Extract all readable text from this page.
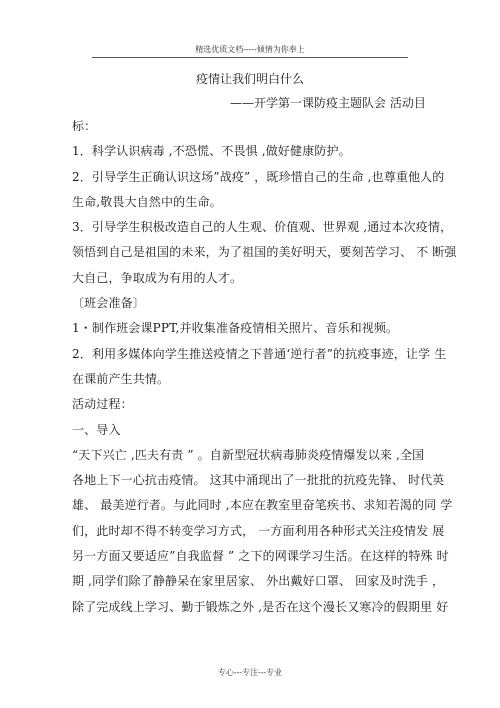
精选优质文档-----倾情为你奉上
疫情让我们明白什么
——开学第一课防疫主题队会 活动目
标：
1．科学认识病毒 ,不恐慌、不畏惧 ,做好健康防护。
2．引导学生正确认识这场”战疫” ，既珍惜自己的生命 ,也尊重他人的
生命,敬畏大自然中的生命。
3．引导学生积极改造自己的人生观、价值观、世界观 ,通过本次疫情，
领悟到自己是祖国的未来，为了祖国的美好明天，要刻苦学习、 不 断强
大自己，争取成为有用的人才。
〔班会准备〕
1・制作班会课PPT,并收集准备疫情相关照片、音乐和视频。
2．利用多媒体向学生推送疫情之下普通‘逆行者”的抗疫事迹，让学 生
在课前产生共情。
活动过程：
一、导入
“天下兴亡 ,匹夫有责 ” 。自新型冠状病毒肺炎疫情爆发以来 ,全国
各地上下一心抗击疫情。 这其中涌现出了一批批的抗疫先锋、 时代英
雄、 最美逆行者。与此同时 ,本应在教室里奋笔疾书、求知若渴的同 学
们，此时却不得不转变学习方式， 一方面利用各种形式关注疫情发 展
另一方面又要适应”自我监督 ” 之下的网课学习生活。在这样的特殊 时
期 ,同学们除了静静呆在家里居家、 外出戴好口罩、 回家及时洗手 ，
除了完成线上学习、勤于锻炼之外 ,是否在这个漫长又寒冷的假期里 好
专心---专注---专业
